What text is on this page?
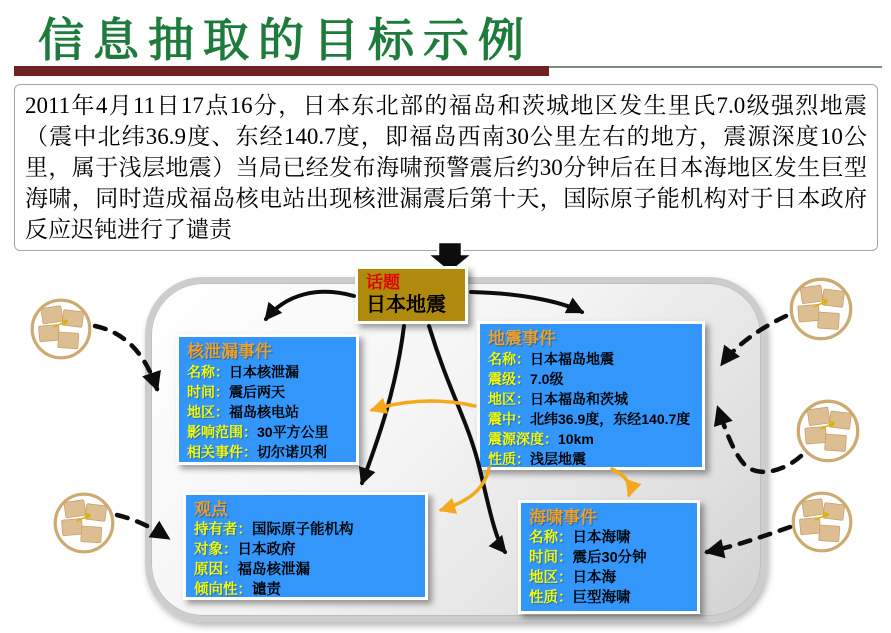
信息抽取的目标示例

2011年4月11日17点16分，日本东北部的福岛和茨城地区发生里氏7.0级强烈地震（震中北纬36.9度、东经140.7度，即福岛西南30公里左右的地方，震源深度10公里，属于浅层地震）当局已经发布海啸预警震后约30分钟后在日本海地区发生巨型海啸，同时造成福岛核电站出现核泄漏震后第十天，国际原子能机构对于日本政府反应迟钝进行了谴责

话题
日本地震
核泄漏事件
名称：日本核泄漏
时间：震后两天
地区：福岛核电站
影响范围：30平方公里
相关事件：切尔诺贝利
地震事件
名称：日本福岛地震
震级：7.0级
地区：日本福岛和茨城
震中：北纬36.9度，东经140.7度
震源深度：10km
性质：浅层地震
观点
持有者：国际原子能机构
对象：日本政府
原因：福岛核泄漏
倾向性：谴责
海啸事件
名称：日本海啸
时间：震后30分钟
地区：日本海
性质：巨型海啸
